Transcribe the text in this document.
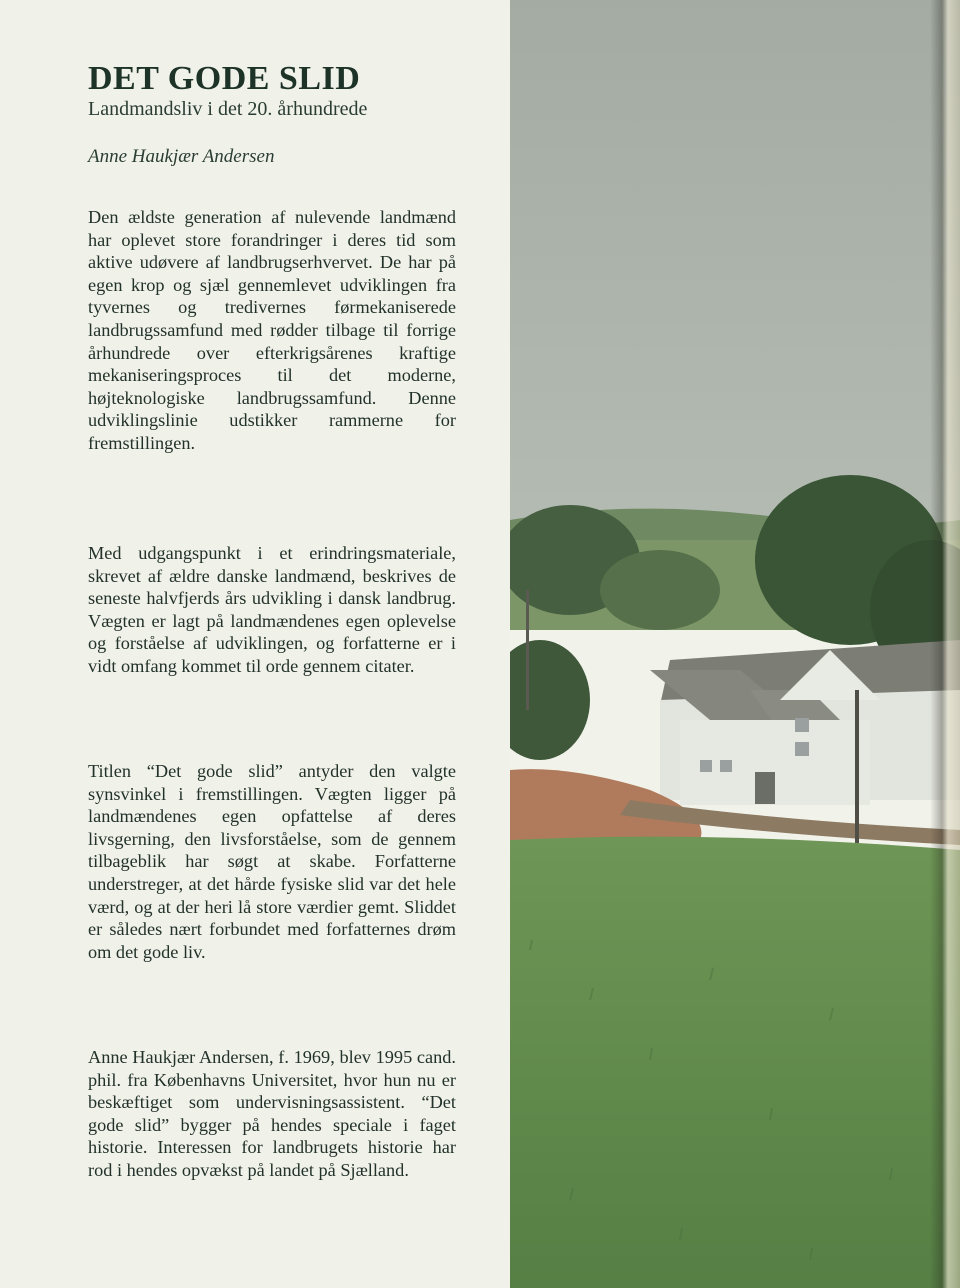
DET GODE SLID

Landmandsliv i det 20. århundrede

Anne Haukjær Andersen

Den ældste generation af nulevende landmænd har oplevet store forandringer i deres tid som aktive udøvere af landbrugserhvervet. De har på egen krop og sjæl gennemlevet udviklingen fra tyvernes og tredivernes førmekaniserede landbrugssamfund med rødder tilbage til forrige århundrede over efterkrigsårenes kraftige mekaniseringsproces til det moderne, højteknologiske landbrugssamfund. Denne udviklingslinie udstikker rammerne for fremstillingen.

Med udgangspunkt i et erindringsmateriale, skrevet af ældre danske landmænd, beskrives de seneste halvfjerds års udvikling i dansk landbrug. Vægten er lagt på landmændenes egen oplevelse og forståelse af udviklingen, og forfatterne er i vidt omfang kommet til orde gennem citater.

Titlen “Det gode slid” antyder den valgte synsvinkel i fremstillingen. Vægten ligger på landmændenes egen opfattelse af deres livsgerning, den livsforståelse, som de gennem tilbageblik har søgt at skabe. Forfatterne understreger, at det hårde fysiske slid var det hele værd, og at der heri lå store værdier gemt. Sliddet er således nært forbundet med forfatternes drøm om det gode liv.

Anne Haukjær Andersen, f. 1969, blev 1995 cand. phil. fra Københavns Universitet, hvor hun nu er beskæftiget som undervisningsassistent. “Det gode slid” bygger på hendes speciale i faget historie. Interessen for landbrugets historie har rod i hendes opvækst på landet på Sjælland.
